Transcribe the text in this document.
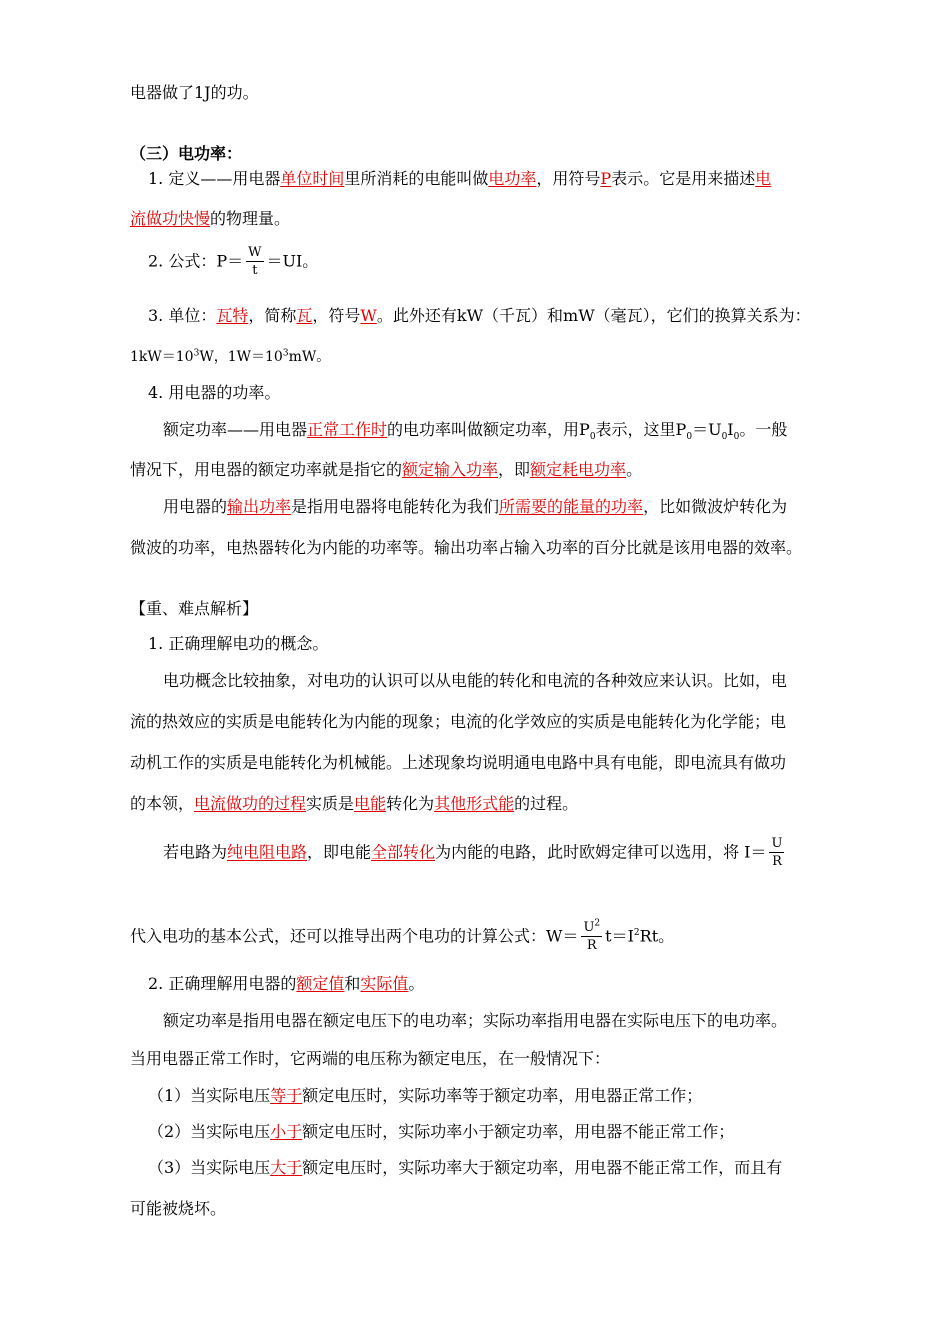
电器做了1J的功。
（三）电功率：
1. 定义——用电器单位时间里所消耗的电能叫做电功率，用符号P表示。它是用来描述电
流做功快慢的物理量。
2. 公式：$P= \frac{W}{t} =UI$。
3. 单位：瓦特，简称瓦，符号W。此外还有kW（千瓦）和mW（毫瓦），它们的换算关系为：
$1kW=10^3W$，$1W=10^3mW$。
4. 用电器的功率。
额定功率——用电器正常工作时的电功率叫做额定功率，用$P_0$表示，这里$P_0=U_0I_0$。一般
情况下，用电器的额定功率就是指它的额定输入功率，即额定耗电功率。
用电器的输出功率是指用电器将电能转化为我们所需要的能量的功率，比如微波炉转化为
微波的功率，电热器转化为内能的功率等。输出功率占输入功率的百分比就是该用电器的效率。
【重、难点解析】
1. 正确理解电功的概念。
电功概念比较抽象，对电功的认识可以从电能的转化和电流的各种效应来认识。比如，电
流的热效应的实质是电能转化为内能的现象；电流的化学效应的实质是电能转化为化学能；电
动机工作的实质是电能转化为机械能。上述现象均说明通电电路中具有电能，即电流具有做功
的本领，电流做功的过程实质是电能转化为其他形式能的过程。
若电路为纯电阻电路，即电能全部转化为内能的电路，此时欧姆定律可以选用，将 $I= \frac{U}{R}$
代入电功的基本公式，还可以推导出两个电功的计算公式：$W= \frac{U^2}{R} t=I^2Rt$。
2. 正确理解用电器的额定值和实际值。
额定功率是指用电器在额定电压下的电功率；实际功率指用电器在实际电压下的电功率。
当用电器正常工作时，它两端的电压称为额定电压，在一般情况下：
（1）当实际电压等于额定电压时，实际功率等于额定功率，用电器正常工作；
（2）当实际电压小于额定电压时，实际功率小于额定功率，用电器不能正常工作；
（3）当实际电压大于额定电压时，实际功率大于额定功率，用电器不能正常工作，而且有
可能被烧坏。
